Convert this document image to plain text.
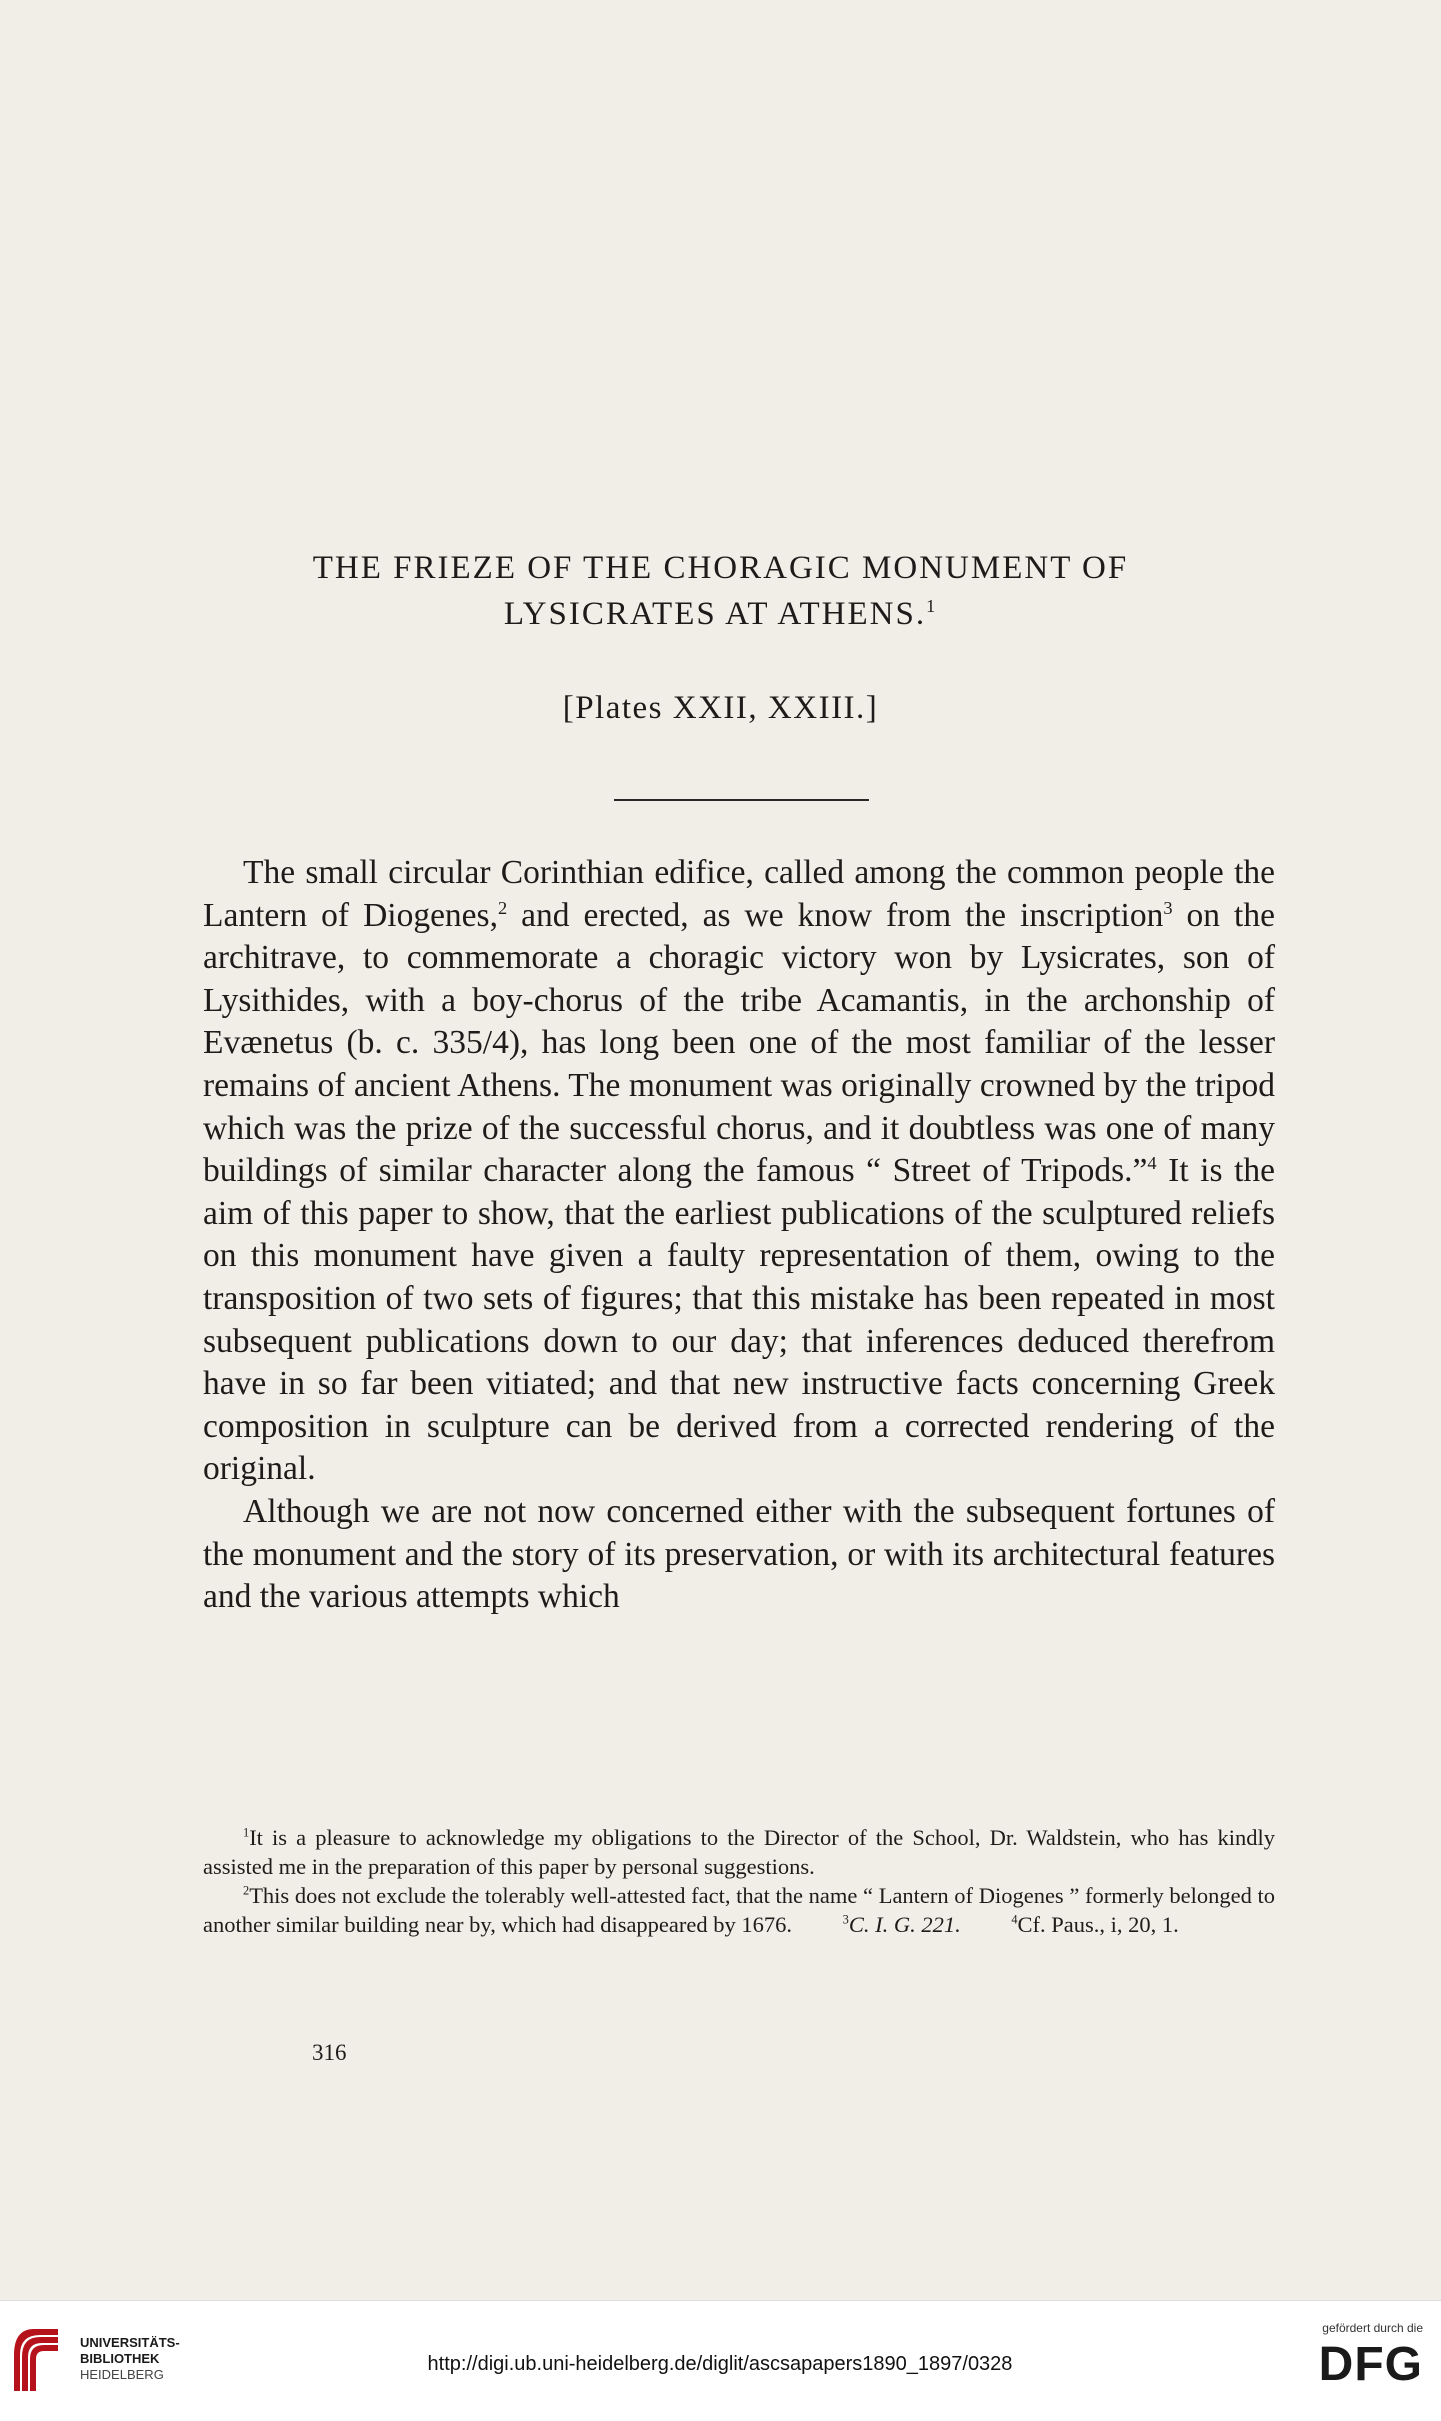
THE FRIEZE OF THE CHORAGIC MONUMENT OF
LYSICRATES AT ATHENS.$^1$
[Plates XXII, XXIII.]

The small circular Corinthian edifice, called among the common people the Lantern of Diogenes,$^2$ and erected, as we know from the inscription$^3$ on the architrave, to commemorate a choragic victory won by Lysicrates, son of Lysithides, with a boy-chorus of the tribe Acamantis, in the archonship of Evænetus (b. c. 335/4), has long been one of the most familiar of the lesser remains of ancient Athens. The monument was originally crowned by the tripod which was the prize of the successful chorus, and it doubtless was one of many buildings of similar character along the famous “ Street of Tripods.”$^4$ It is the aim of this paper to show, that the earliest publications of the sculptured reliefs on this monument have given a faulty representation of them, owing to the transposition of two sets of figures; that this mistake has been repeated in most subsequent publications down to our day; that inferences deduced therefrom have in so far been vitiated; and that new instructive facts concerning Greek composition in sculpture can be derived from a corrected rendering of the original.

Although we are not now concerned either with the subsequent fortunes of the monument and the story of its preservation, or with its architectural features and the various attempts which

$^1$It is a pleasure to acknowledge my obligations to the Director of the School, Dr. Waldstein, who has kindly assisted me in the preparation of this paper by personal suggestions.

$^2$This does not exclude the tolerably well-attested fact, that the name “ Lantern of Diogenes ” formerly belonged to another similar building near by, which had disappeared by 1676.   	$^3$C. I. G. 221.   	$^4$Cf. Paus., i, 20, 1.

316
UNIVERSITÄTS-
BIBLIOTHEK
HEIDELBERG	http://digi.ub.uni-heidelberg.de/diglit/ascsapapers1890_1897/0328
gefördert durch die
DFG
